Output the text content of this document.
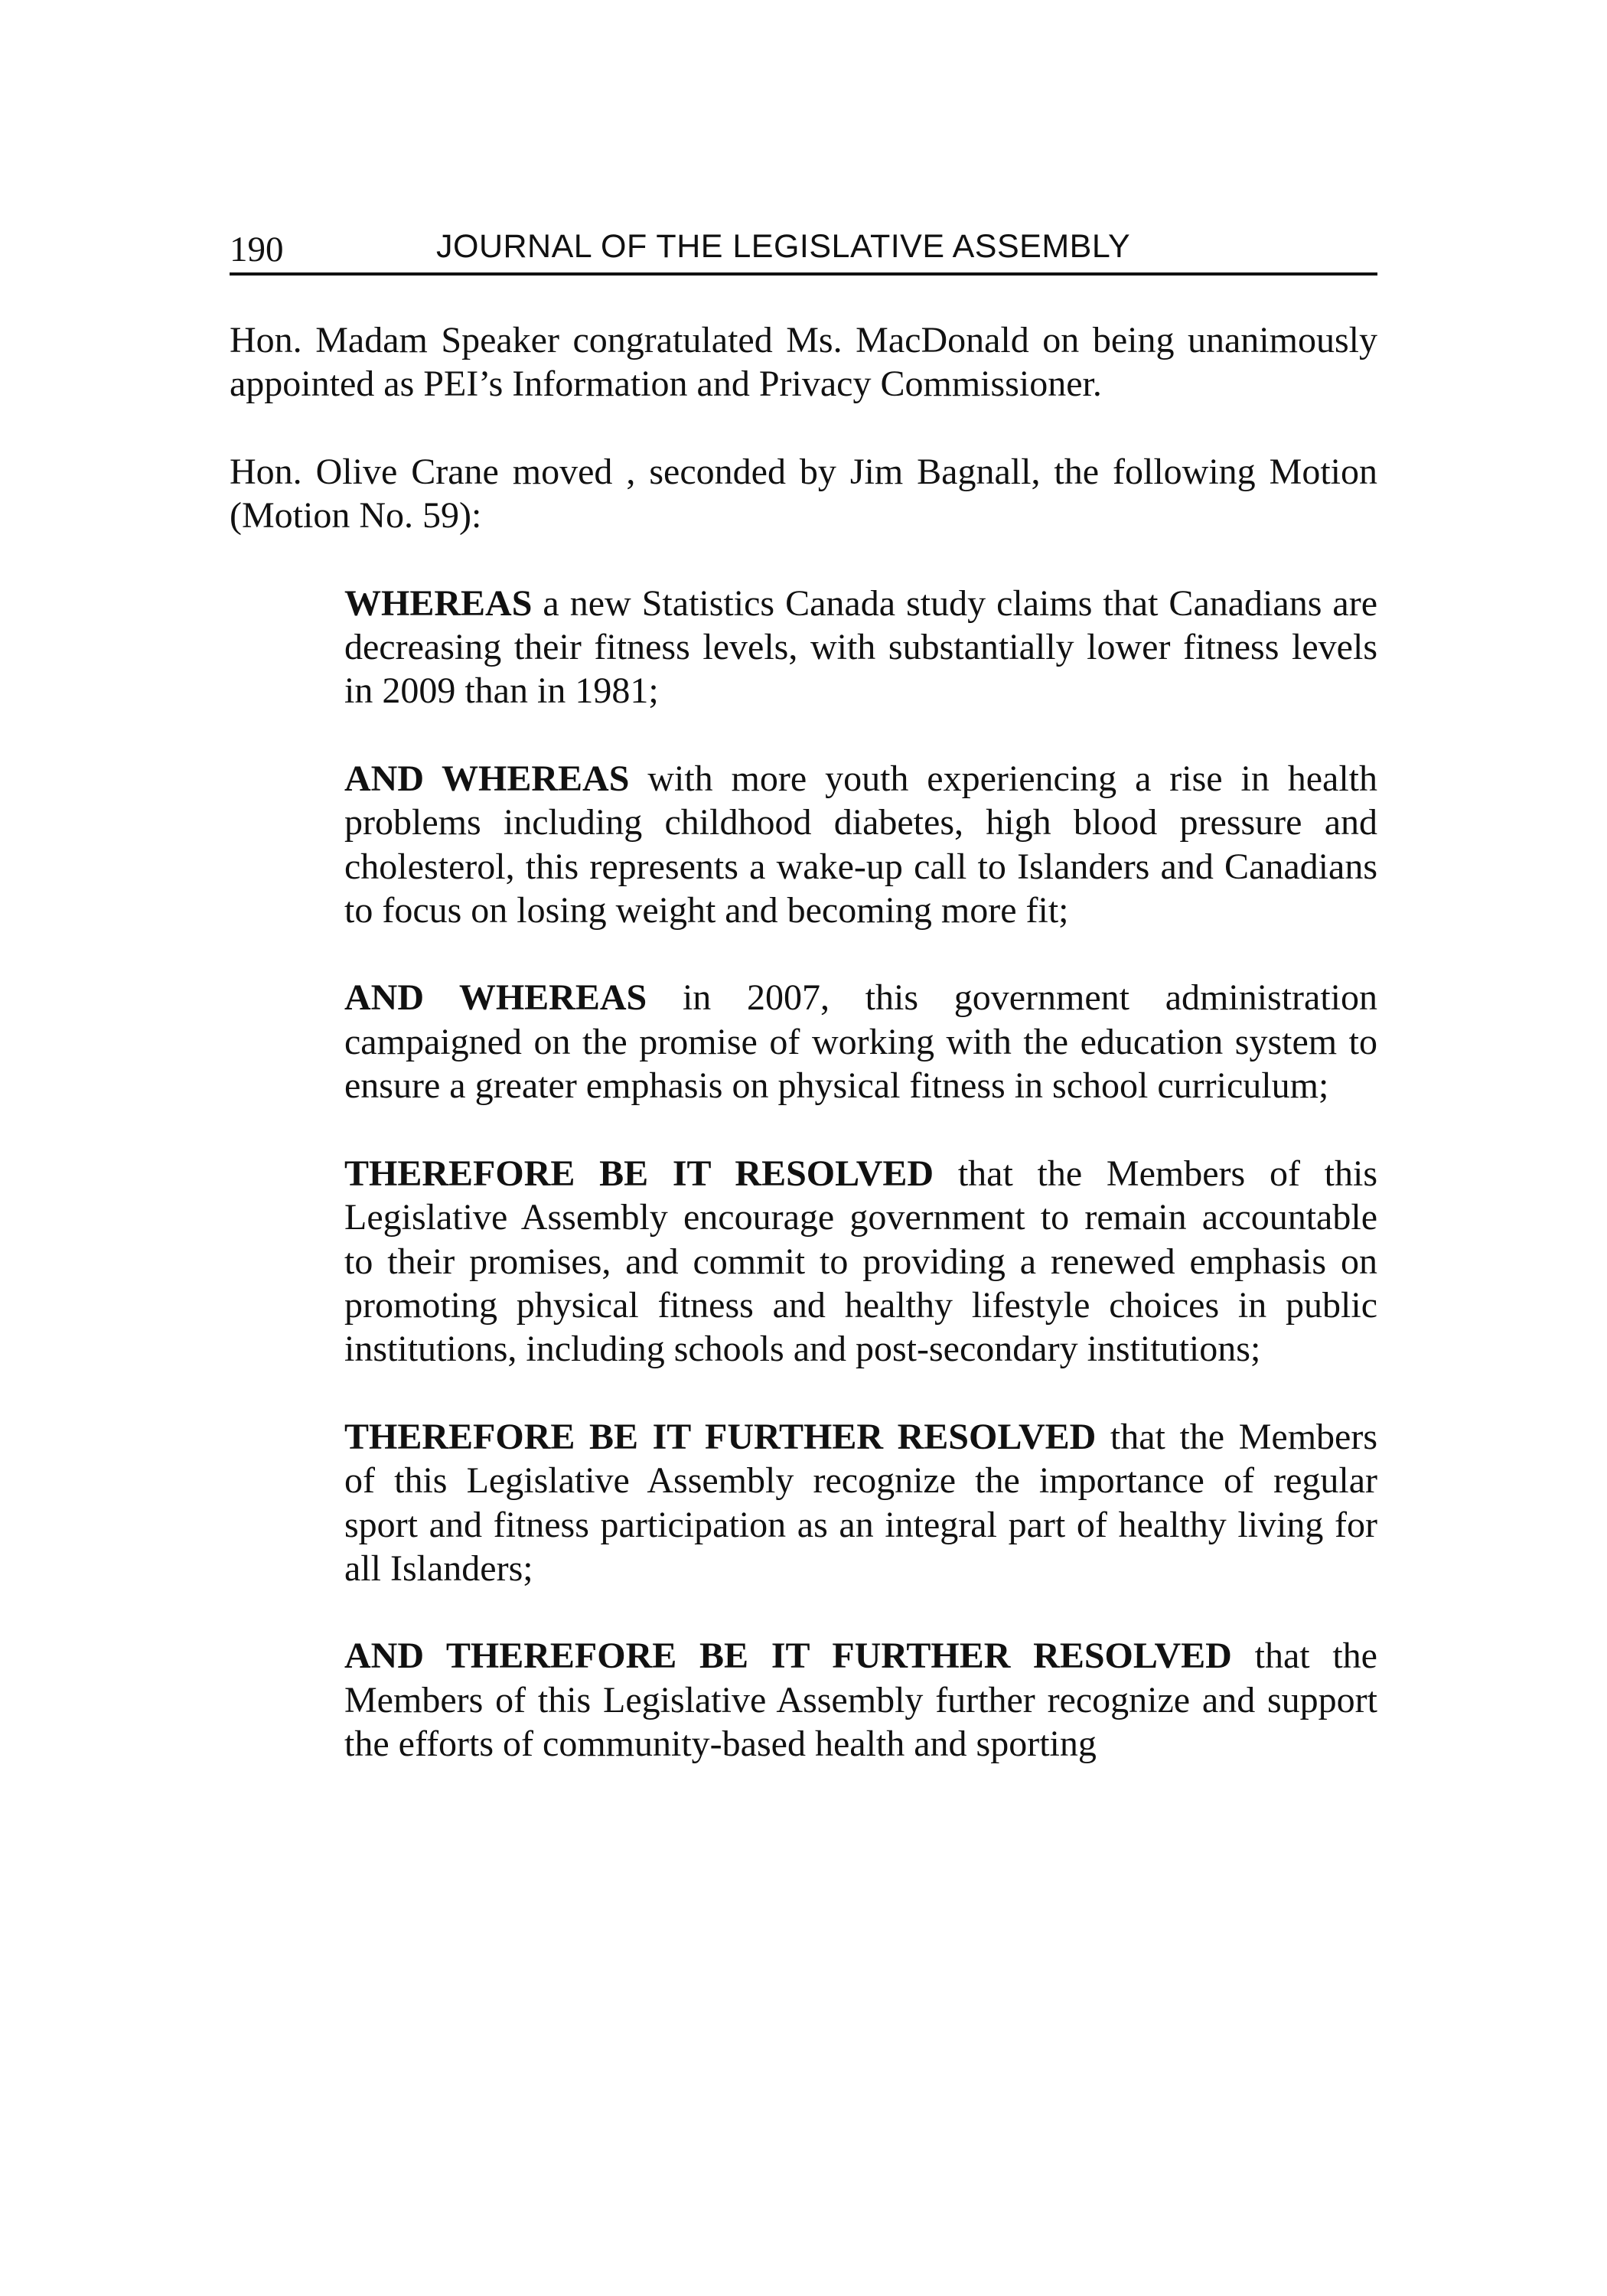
190	JOURNAL OF THE LEGISLATIVE ASSEMBLY

Hon. Madam Speaker congratulated Ms. MacDonald on being unanimously appointed as PEI’s Information and Privacy Commissioner.

Hon. Olive Crane moved , seconded by Jim Bagnall, the following Motion (Motion No. 59):

WHEREAS a new Statistics Canada study claims that Canadians are decreasing their fitness levels, with substantially lower fitness levels in 2009 than in 1981;

AND WHEREAS with more youth experiencing a rise in health problems including childhood diabetes, high blood pressure and cholesterol, this represents a wake-up call to Islanders and Canadians to focus on losing weight and becoming more fit;

AND WHEREAS in 2007, this government administration campaigned on the promise of working with the education system to ensure a greater emphasis on physical fitness in school curriculum;

THEREFORE BE IT RESOLVED that the Members of this Legislative Assembly encourage government to remain accountable to their promises, and commit to providing a renewed emphasis on promoting physical fitness and healthy lifestyle choices in public institutions, including schools and post-secondary institutions;

THEREFORE BE IT FURTHER RESOLVED that the Members of this Legislative Assembly recognize the importance of regular sport and fitness participation as an integral part of healthy living for all Islanders;

AND THEREFORE BE IT FURTHER RESOLVED that the Members of this Legislative Assembly further recognize and support the efforts of community-based health and sporting
